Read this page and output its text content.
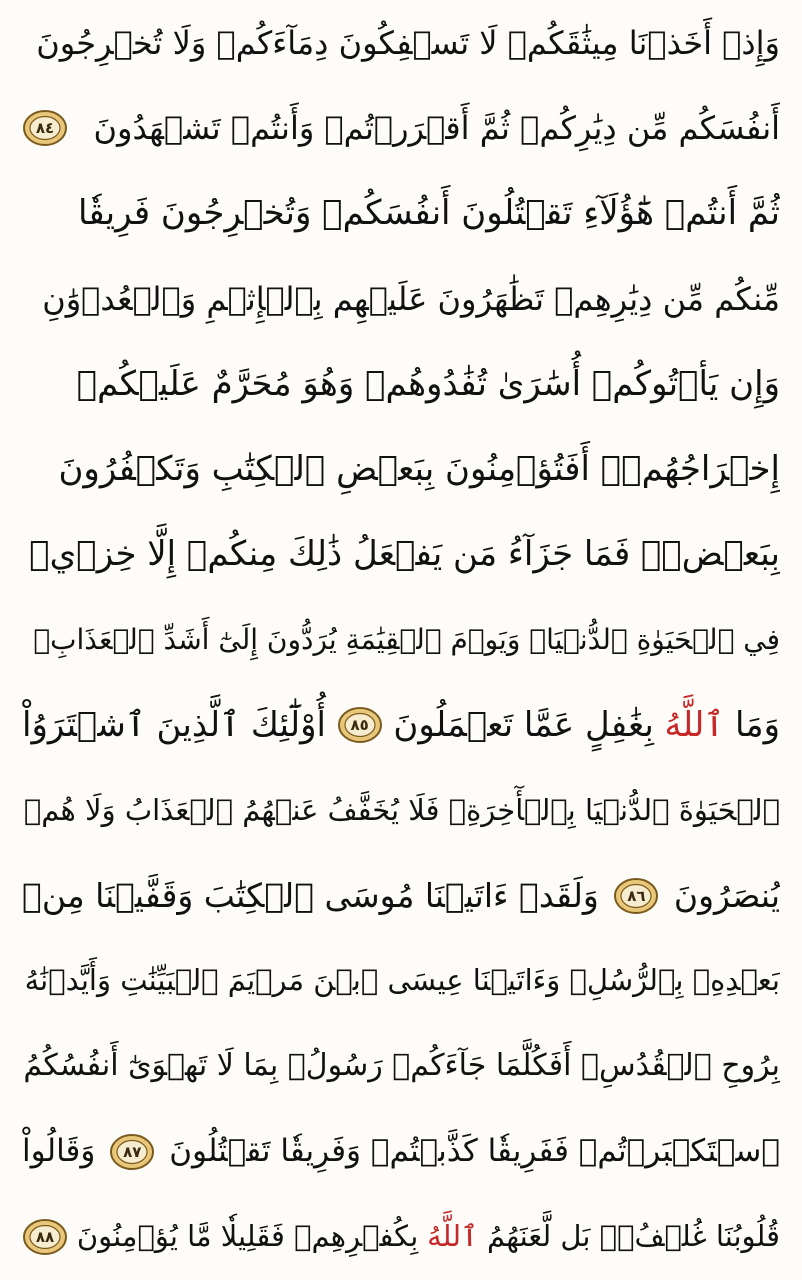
وَإِذۡ أَخَذۡنَا مِيثَٰقَكُمۡ لَا تَسۡفِكُونَ دِمَآءَكُمۡ وَلَا تُخۡرِجُونَ
أَنفُسَكُم مِّن دِيَٰرِكُمۡ ثُمَّ أَقۡرَرۡتُمۡ وَأَنتُمۡ تَشۡهَدُونَ
٨٤
ثُمَّ أَنتُمۡ هَٰٓؤُلَآءِ تَقۡتُلُونَ أَنفُسَكُمۡ وَتُخۡرِجُونَ فَرِيقٗا
مِّنكُم مِّن دِيَٰرِهِمۡ تَظَٰهَرُونَ عَلَيۡهِم بِٱلۡإِثۡمِ وَٱلۡعُدۡوَٰنِ
وَإِن يَأۡتُوكُمۡ أُسَٰرَىٰ تُفَٰدُوهُمۡ وَهُوَ مُحَرَّمٌ عَلَيۡكُمۡ
إِخۡرَاجُهُمۡۚ أَفَتُؤۡمِنُونَ بِبَعۡضِ ٱلۡكِتَٰبِ وَتَكۡفُرُونَ
بِبَعۡضٖۚ فَمَا جَزَآءُ مَن يَفۡعَلُ ذَٰلِكَ مِنكُمۡ إِلَّا خِزۡيٞ
فِي ٱلۡحَيَوٰةِ ٱلدُّنۡيَاۖ وَيَوۡمَ ٱلۡقِيَٰمَةِ يُرَدُّونَ إِلَىٰٓ أَشَدِّ ٱلۡعَذَابِۗ
وَمَا
ٱللَّهُ
بِغَٰفِلٍ عَمَّا تَعۡمَلُونَ
٨٥
أُوْلَٰٓئِكَ ٱلَّذِينَ ٱشۡتَرَوُاْ
ٱلۡحَيَوٰةَ ٱلدُّنۡيَا بِٱلۡأٓخِرَةِۖ فَلَا يُخَفَّفُ عَنۡهُمُ ٱلۡعَذَابُ وَلَا هُمۡ
يُنصَرُونَ
٨٦
وَلَقَدۡ ءَاتَيۡنَا مُوسَى ٱلۡكِتَٰبَ وَقَفَّيۡنَا مِنۢ
بَعۡدِهِۦ بِٱلرُّسُلِۖ وَءَاتَيۡنَا عِيسَى ٱبۡنَ مَرۡيَمَ ٱلۡبَيِّنَٰتِ وَأَيَّدۡنَٰهُ
بِرُوحِ ٱلۡقُدُسِۗ أَفَكُلَّمَا جَآءَكُمۡ رَسُولُۢ بِمَا لَا تَهۡوَىٰٓ أَنفُسُكُمُ
ٱسۡتَكۡبَرۡتُمۡ فَفَرِيقٗا كَذَّبۡتُمۡ وَفَرِيقٗا تَقۡتُلُونَ
٨٧
وَقَالُواْ
قُلُوبُنَا غُلۡفُۢۚ بَل لَّعَنَهُمُ
ٱللَّهُ
بِكُفۡرِهِمۡ فَقَلِيلٗا مَّا يُؤۡمِنُونَ
٨٨
